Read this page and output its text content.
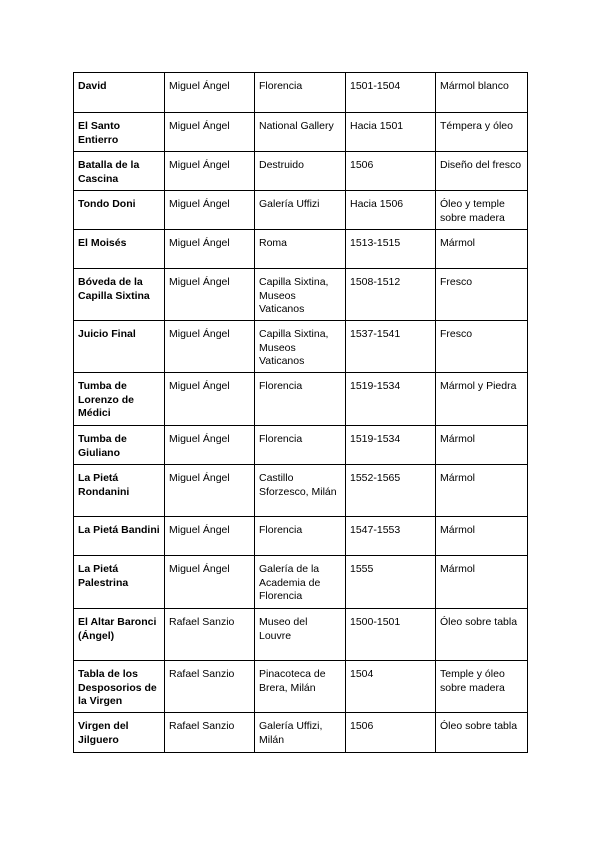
David	Miguel Ángel	Florencia	1501-1504	Mármol blanco
El Santo Entierro	Miguel Ángel	National Gallery	Hacia 1501	Témpera y óleo
Batalla de la Cascina	Miguel Ángel	Destruido	1506	Diseño del fresco
Tondo Doni	Miguel Ángel	Galería Uffizi	Hacia 1506	Óleo y temple sobre madera
El Moisés	Miguel Ángel	Roma	1513-1515	Mármol
Bóveda de la Capilla Sixtina	Miguel Ángel	Capilla Sixtina, Museos Vaticanos	1508-1512	Fresco
Juicio Final	Miguel Ángel	Capilla Sixtina, Museos Vaticanos	1537-1541	Fresco
Tumba de Lorenzo de Médici	Miguel Ángel	Florencia	1519-1534	Mármol y Piedra
Tumba de Giuliano	Miguel Ángel	Florencia	1519-1534	Mármol
La Pietá Rondanini	Miguel Ángel	Castillo Sforzesco, Milán	1552-1565	Mármol
La Pietá Bandini	Miguel Ángel	Florencia	1547-1553	Mármol
La Pietá Palestrina	Miguel Ángel	Galería de la Academia de Florencia	1555	Mármol
El Altar Baronci (Ángel)	Rafael Sanzio	Museo del Louvre	1500-1501	Óleo sobre tabla
Tabla de los Desposorios de la Virgen	Rafael Sanzio	Pinacoteca de Brera, Milán	1504	Temple y óleo sobre madera
Virgen del Jilguero	Rafael Sanzio	Galería Uffizi, Milán	1506	Óleo sobre tabla
